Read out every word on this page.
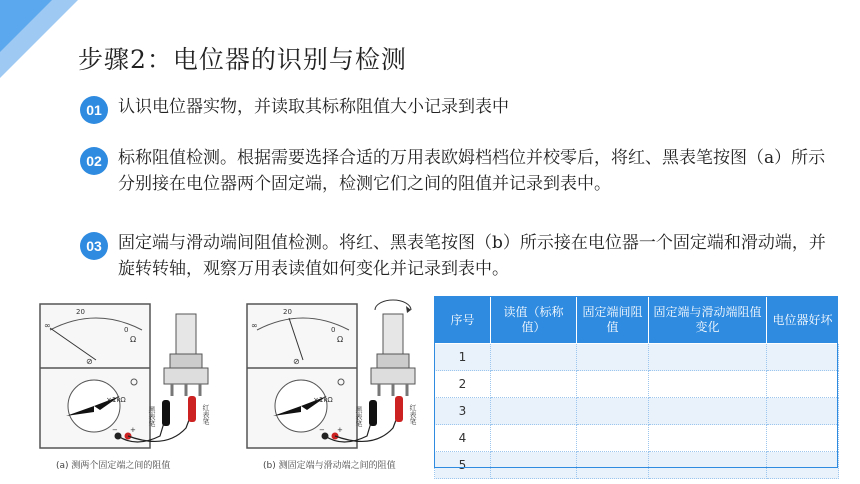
步骤2：电位器的识别与检测
01 认识电位器实物，并读取其标称阻值大小记录到表中
02 标称阻值检测。根据需要选择合适的万用表欧姆档档位并校零后，将红、黑表笔按图（a）所示分别接在电位器两个固定端，检测它们之间的阻值并记录到表中。
03 固定端与滑动端间阻值检测。将红、黑表笔按图（b）所示接在电位器一个固定端和滑动端，并旋转转轴，观察万用表读值如何变化并记录到表中。
20
∞	0
Ω
⊘
×1kΩ
− +
黑表笔	红表笔
(a) 测两个固定端之间的阻值
20
∞	0
Ω
⊘
×1kΩ
− +
黑表笔	红表笔
(b) 测固定端与滑动端之间的阻值
序号	读值（标称值）	固定端间阻值	固定端与滑动端阻值变化	电位器好坏
1				
2				
3				
4				
5				
